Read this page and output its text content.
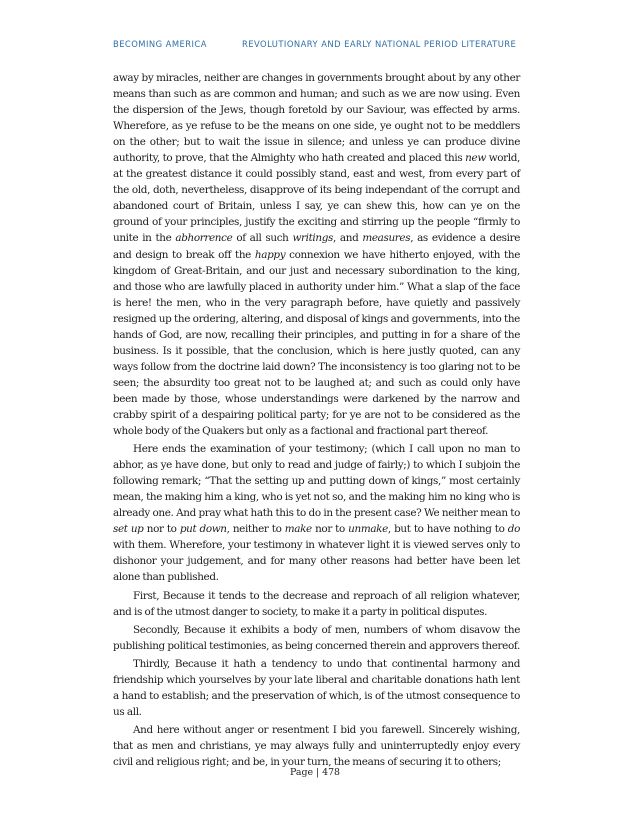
BECOMING AMERICA	REVOLUTIONARY AND EARLY NATIONAL PERIOD LITERATURE

away by miracles, neither are changes in governments brought about by any other means than such as are common and human; and such as we are now using. Even the dispersion of the Jews, though foretold by our Saviour, was effected by arms. Wherefore, as ye refuse to be the means on one side, ye ought not to be meddlers on the other; but to wait the issue in silence; and unless ye can produce divine authority, to prove, that the Almighty who hath created and placed this new world, at the greatest distance it could possibly stand, east and west, from every part of the old, doth, nevertheless, disapprove of its being independant of the corrupt and abandoned court of Britain, unless I say, ye can shew this, how can ye on the ground of your principles, justify the exciting and stirring up the people “firmly to unite in the abhorrence of all such writings, and measures, as evidence a desire and design to break off the happy connexion we have hitherto enjoyed, with the kingdom of Great-Britain, and our just and necessary subordination to the king, and those who are lawfully placed in authority under him.” What a slap of the face is here! the men, who in the very paragraph before, have quietly and passively resigned up the ordering, altering, and disposal of kings and governments, into the hands of God, are now, recalling their principles, and putting in for a share of the business. Is it possible, that the conclusion, which is here justly quoted, can any ways follow from the doctrine laid down? The inconsistency is too glaring not to be seen; the absurdity too great not to be laughed at; and such as could only have been made by those, whose understandings were darkened by the narrow and crabby spirit of a despairing political party; for ye are not to be considered as the whole body of the Quakers but only as a factional and fractional part thereof.

Here ends the examination of your testimony; (which I call upon no man to abhor, as ye have done, but only to read and judge of fairly;) to which I subjoin the following remark; “That the setting up and putting down of kings,” most certainly mean, the making him a king, who is yet not so, and the making him no king who is already one. And pray what hath this to do in the present case? We neither mean to set up nor to put down, neither to make nor to unmake, but to have nothing to do with them. Wherefore, your testimony in whatever light it is viewed serves only to dishonor your judgement, and for many other reasons had better have been let alone than published.

First, Because it tends to the decrease and reproach of all religion whatever, and is of the utmost danger to society, to make it a party in political disputes.

Secondly, Because it exhibits a body of men, numbers of whom disavow the publishing political testimonies, as being concerned therein and approvers thereof.

Thirdly, Because it hath a tendency to undo that continental harmony and friendship which yourselves by your late liberal and charitable donations hath lent a hand to establish; and the preservation of which, is of the utmost consequence to us all.

And here without anger or resentment I bid you farewell. Sincerely wishing, that as men and christians, ye may always fully and uninterruptedly enjoy every civil and religious right; and be, in your turn, the means of securing it to others;

Page | 478
